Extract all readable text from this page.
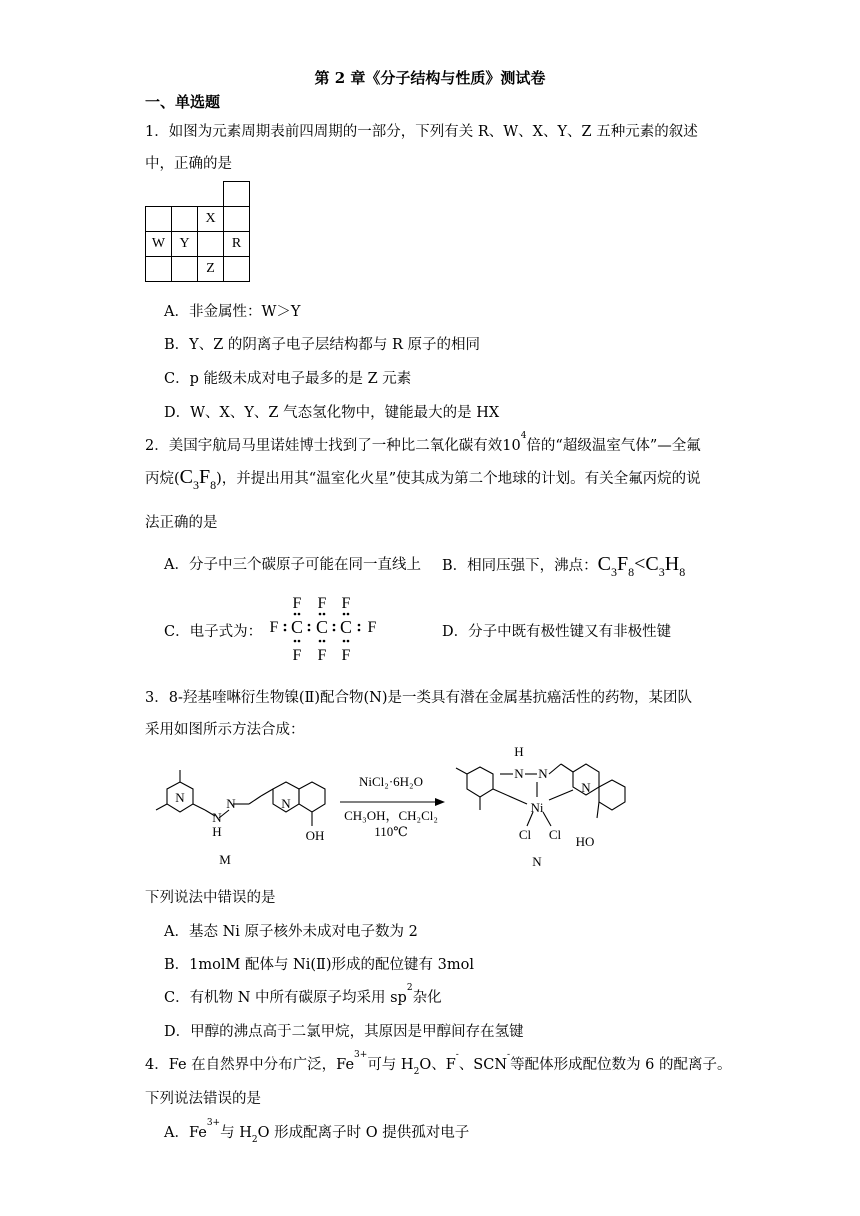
第 2 章《分子结构与性质》测试卷
一、单选题
1．如图为元素周期表前四周期的一部分，下列有关 R、W、X、Y、Z 五种元素的叙述
中，正确的是

		X	
W	Y		R
		Z	
A．非金属性：W＞Y
B．Y、Z 的阴离子电子层结构都与 R 原子的相同
C．p 能级未成对电子最多的是 Z 元素
D．W、X、Y、Z 气态氢化物中，键能最大的是 HX
2．美国宇航局马里诺娃博士找到了一种比二氧化碳有效$10^4$倍的“超级温室气体”—全氟
丙烷$(C_3F_8)$，并提出用其“温室化火星”使其成为第二个地球的计划。有关全氟丙烷的说
法正确的是
A．分子中三个碳原子可能在同一直线上 B．相同压强下，沸点：$C_3F_8<C_3H_8$
C．电子式为：
F F F
F C C C F
F F F
D．分子中既有极性键又有非极性键
3．8-羟基喹啉衍生物镍(Ⅱ)配合物(N)是一类具有潜在金属基抗癌活性的药物，某团队
采用如图所示方法合成：
N
N
H
N	N
OH
NiCl₂·6H₂O
CH₃OH，CH₂Cl₂
110℃
H
N N
Ni
N
Cl Cl HO
M	N
下列说法中错误的是
A．基态 Ni 原子核外未成对电子数为 2
B．1molM 配体与 Ni(Ⅱ)形成的配位键有 3mol
C．有机物 N 中所有碳原子均采用 $sp^2$杂化
D．甲醇的沸点高于二氯甲烷，其原因是甲醇间存在氢键
4．Fe 在自然界中分布广泛，$Fe^{3+}$可与 $H_2O$、F-、SCN-等配体形成配位数为 6 的配离子。
下列说法错误的是
A．$Fe^{3+}$与 $H_2O$ 形成配离子时 O 提供孤对电子
